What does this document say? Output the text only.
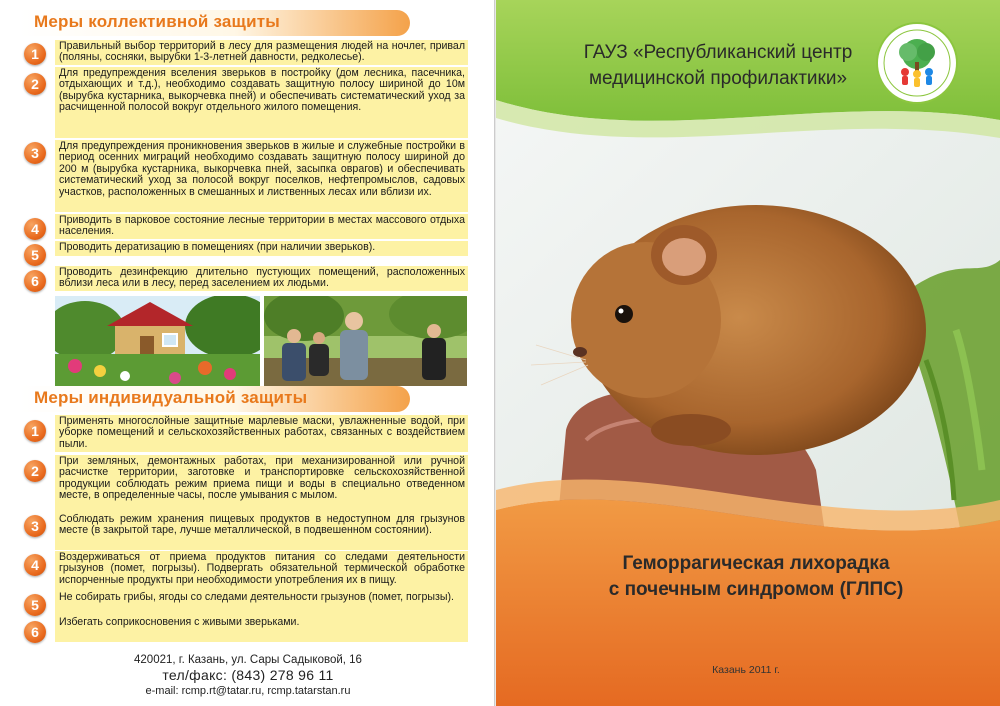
Меры коллективной защиты
1	Правильный выбор территорий в лесу для размещения людей на ночлег, привал (поляны, сосняки, вырубки 1-3-летней давности, редколесье).
2
Для предупреждения вселения зверьков в постройку (дом лесника, пасечника, отдыхающих и т.д.), необходимо создавать защитную полосу шириной до 10м (вырубка кустарника, выкорчевка пней) и обеспечивать систематический уход за расчищенной полосой вокруг отдельного жилого помещения.
3	Для предупреждения проникновения зверьков в жилые и служебные постройки в период осенних миграций необходимо создавать защитную полосу шириной до 200 м (вырубка кустарника, выкорчевка пней, засыпка оврагов) и обеспечивать систематический уход за полосой вокруг поселков, нефтепромыслов, садовых участков, расположенных в смешанных и лиственных лесах или вблизи их.
4
Приводить в парковое состояние лесные территории в местах массового отдыха населения.
5	Проводить дератизацию в помещениях (при наличии зверьков).
6
Проводить дезинфекцию длительно пустующих помещений, расположенных вблизи леса или в лесу, перед заселением их людьми.
Меры индивидуальной защиты
1
Применять многослойные защитные марлевые маски, увлажненные водой, при уборке помещений и сельскохозяйственных работах, связанных с воздействием пыли.
2
При земляных, демонтажных работах, при механизированной или ручной расчистке территории, заготовке и транспортировке сельскохозяйственной продукции соблюдать режим приема пищи и воды в специально отведенном месте, в определенные часы, после умывания с мылом.
3	Соблюдать режим хранения пищевых продуктов в недоступном для грызунов месте (в закрытой таре, лучше металлической, в подвешенном состоянии).
4	Воздерживаться от приема продуктов питания со следами деятельности грызунов (помет, погрызы). Подвергать обязательной термической обработке испорченные продукты при необходимости употребления их в пищу.
5	Не собирать грибы, ягоды со следами деятельности грызунов (помет, погрызы).
6
Избегать соприкосновения с живыми зверьками.
420021, г. Казань, ул. Сары Садыковой, 16
тел/факс: (843) 278 96 11
e-mail: rcmp.rt@tatar.ru, rcmp.tatarstan.ru
ГАУЗ «Республиканский центр
медицинской профилактики»
Геморрагическая лихорадка
с почечным синдромом (ГЛПС)
Казань 2011 г.
